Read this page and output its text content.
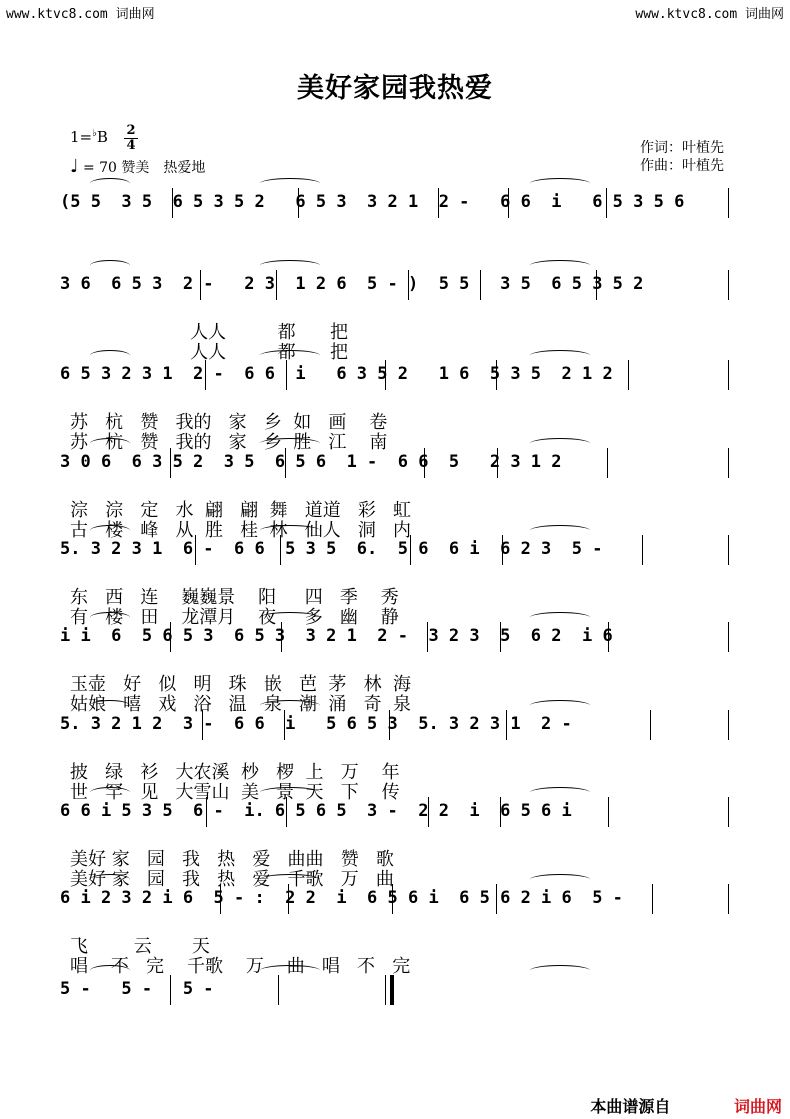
www.ktvc8.com 词曲网	www.ktvc8.com 词曲网
美好家园我热爱
1=♭B 2
4
♩ = 70 赞美　热爱地
作词：叶植先
作曲：叶植先
(5 5  3 5  6 5 3 5 2   6 5 3  3 2 1  2 -   6 6  i   6 5 3 5 6
3 6  6 5 3  2 -   2 3  1 2 6  5 - )  5 5   3 5  6 5 3 5 2
人人         都      把
人人         都      把
6 5 3 2 3 1  2 -  6 6  i   6 3 5 2   1 6  5 3 5  2 1 2
苏   杭   赞   我的   家   乡  如   画    卷
苏   杭   赞   我的   家   乡  胜   江    南
3 0 6  6 3 5 2  3 5  6 5 6  1 -  6 6  5   2 3 1 2
淙   淙   定   水  翩   翩  舞   道道   彩   虹
古   楼   峰   从  胜   桂  林   仙人   洞   内
5. 3 2 3 1  6 -  6 6  5 3 5  6.  5 6  6 i  6 2 3  5 -
东   西   连    巍巍景    阳     四   季    秀
有   楼   田    龙潭月    夜     多   幽    静
i i  6  5 6 5 3  6 5 3  3 2 1  2 -  3 2 3  5  6 2  i 6
玉壶   好   似   明   珠   嵌   芭  茅   林  海
姑娘   嘻   戏   浴   温   泉   潮  涌   奇  泉
5. 3 2 1 2  3 -  6 6  i   5 6 5 3  5. 3 2 3 1  2 -
披   绿   衫   大农溪  杪   椤  上   万    年
世   罕   见   大雪山  美   景  天   下    传
6 6 i 5 3 5  6 -  i. 6 5 6 5  3 -  2 2  i  6 5 6 i
美好 家   园   我   热   爱   曲曲   赞   歌
美好 家   园   我   热   爱   千歌   万   曲
6 i 2 3 2 i 6  5 - :  2 2  i  6 5 6 i  6 5 6 2 i 6  5 -
飞        云       天
唱    不   完    千歌    万    曲   唱   不   完
5 -   5 -   5 -
本曲谱源自	词曲网
